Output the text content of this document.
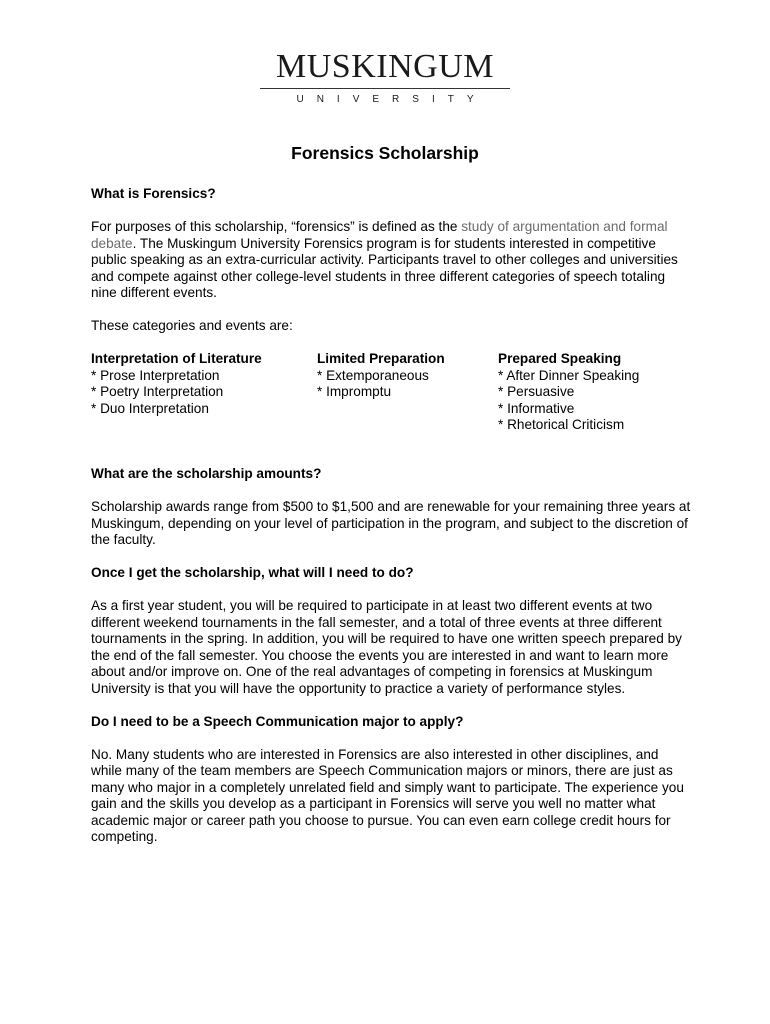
MUSKINGUM
UNIVERSITY
Forensics Scholarship

What is Forensics?

For purposes of this scholarship, “forensics” is defined as the study of argumentation and formal debate. The Muskingum University Forensics program is for students interested in competitive public speaking as an extra-curricular activity. Participants travel to other colleges and universities and compete against other college-level students in three different categories of speech totaling nine different events.

These categories and events are:

Interpretation of Literature
* Prose Interpretation
* Poetry Interpretation
* Duo Interpretation
Limited Preparation
* Extemporaneous
* Impromptu
Prepared Speaking
* After Dinner Speaking
* Persuasive
* Informative
* Rhetorical Criticism

What are the scholarship amounts?

Scholarship awards range from $500 to $1,500 and are renewable for your remaining three years at Muskingum, depending on your level of participation in the program, and subject to the discretion of the faculty.

Once I get the scholarship, what will I need to do?

As a first year student, you will be required to participate in at least two different events at two different weekend tournaments in the fall semester, and a total of three events at three different tournaments in the spring. In addition, you will be required to have one written speech prepared by the end of the fall semester. You choose the events you are interested in and want to learn more about and/or improve on. One of the real advantages of competing in forensics at Muskingum University is that you will have the opportunity to practice a variety of performance styles.

Do I need to be a Speech Communication major to apply?

No. Many students who are interested in Forensics are also interested in other disciplines, and while many of the team members are Speech Communication majors or minors, there are just as many who major in a completely unrelated field and simply want to participate. The experience you gain and the skills you develop as a participant in Forensics will serve you well no matter what academic major or career path you choose to pursue. You can even earn college credit hours for competing.
